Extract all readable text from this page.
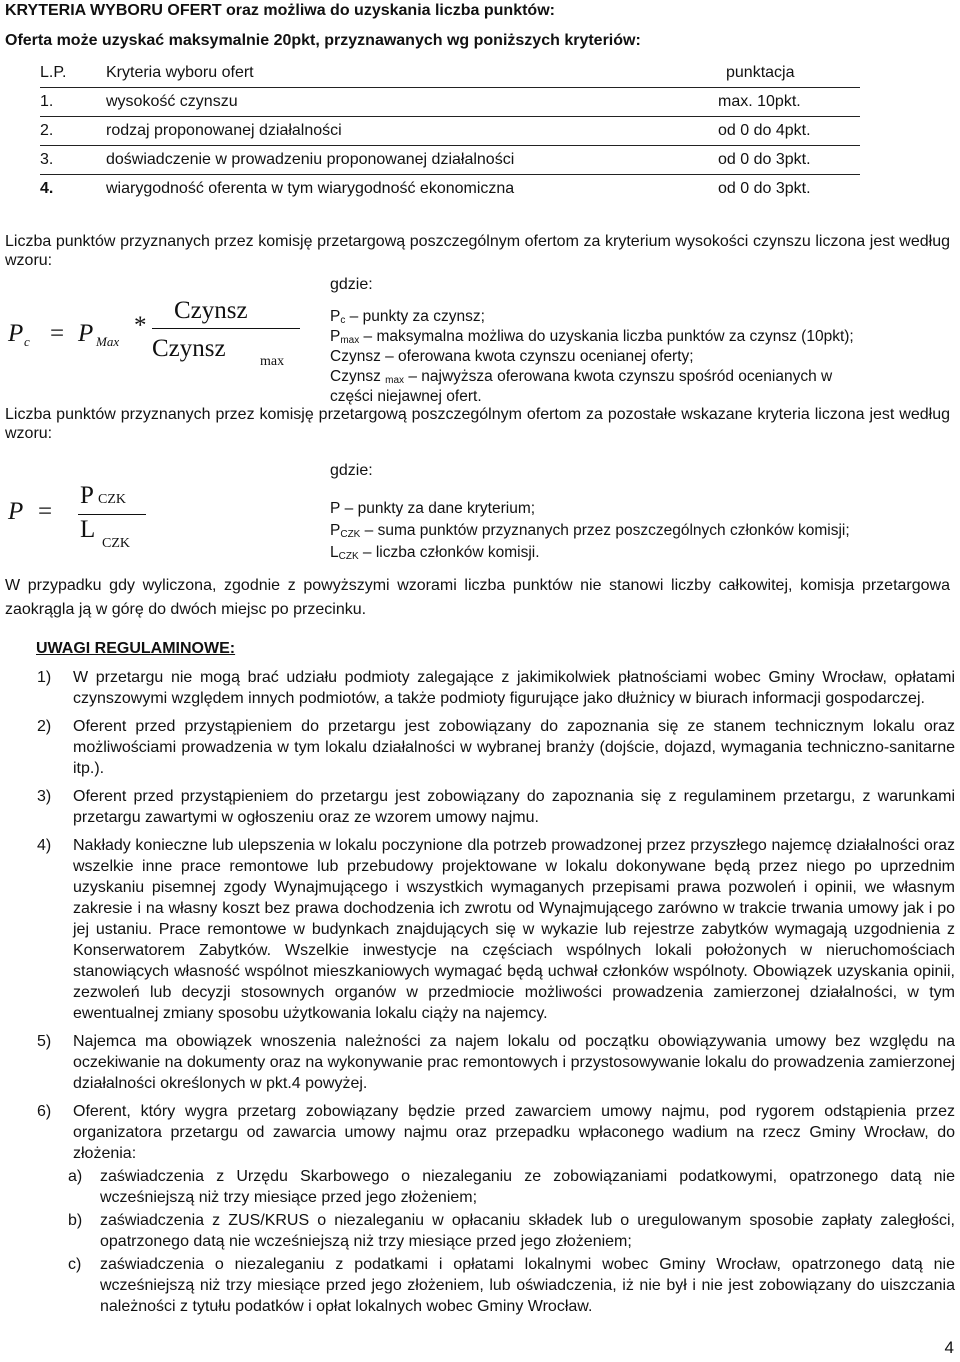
KRYTERIA WYBORU OFERT oraz możliwa do uzyskania liczba punktów:
Oferta może uzyskać maksymalnie 20pkt, przyznawanych wg poniższych kryteriów:
L.P.	Kryteria wyboru ofert	punktacja
1.	wysokość czynszu	max. 10pkt.
2.	rodzaj proponowanej działalności	od 0 do 4pkt.
3.	doświadczenie w prowadzeniu proponowanej działalności	od 0 do 3pkt.
4.	wiarygodność oferenta w tym wiarygodność ekonomiczna	od 0 do 3pkt.
Liczba punktów przyznanych przez komisję przetargową poszczególnym ofertom za kryterium wysokości czynszu liczona jest według wzoru:
gdzie:
P c = P Max
*
Czynsz
Czynsz max
$P_c$ – punkty za czynsz;
$P_{max}$ – maksymalna możliwa do uzyskania liczba punktów za czynsz (10pkt);
Czynsz – oferowana kwota czynszu ocenianej oferty;
Czynsz $_{max}$ – najwyższa oferowana kwota czynszu spośród ocenianych w
części niejawnej ofert.
Liczba punktów przyznanych przez komisję przetargową poszczególnym ofertom za pozostałe wskazane kryteria liczona jest według wzoru:
gdzie:
P =
P CZK
L
CZK
P – punkty za dane kryterium;
$P_{CZK}$ – suma punktów przyznanych przez poszczególnych członków komisji;
$L_{CZK}$ – liczba członków komisji.
W przypadku gdy wyliczona, zgodnie z powyższymi wzorami liczba punktów nie stanowi liczby całkowitej, komisja przetargowa zaokrągla ją w górę do dwóch miejsc po przecinku.
UWAGI REGULAMINOWE:

1) W przetargu nie mogą brać udziału podmioty zalegające z jakimikolwiek płatnościami wobec Gminy Wrocław, opłatami czynszowymi względem innych podmiotów, a także podmioty figurujące jako dłużnicy w biurach informacji gospodarczej.

2) Oferent przed przystąpieniem do przetargu jest zobowiązany do zapoznania się ze stanem technicznym lokalu oraz możliwościami prowadzenia w tym lokalu działalności w wybranej branży (dojście, dojazd, wymagania techniczno-sanitarne itp.).

3) Oferent przed przystąpieniem do przetargu jest zobowiązany do zapoznania się z regulaminem przetargu, z warunkami przetargu zawartymi w ogłoszeniu oraz ze wzorem umowy najmu.

4) Nakłady konieczne lub ulepszenia w lokalu poczynione dla potrzeb prowadzonej przez przyszłego najemcę działalności oraz wszelkie inne prace remontowe lub przebudowy projektowane w lokalu dokonywane będą przez niego po uprzednim uzyskaniu pisemnej zgody Wynajmującego i wszystkich wymaganych przepisami prawa pozwoleń i opinii, we własnym zakresie i na własny koszt bez prawa dochodzenia ich zwrotu od Wynajmującego zarówno w trakcie trwania umowy jak i po jej ustaniu. Prace remontowe w budynkach znajdujących się w wykazie lub rejestrze zabytków wymagają uzgodnienia z Konserwatorem Zabytków. Wszelkie inwestycje na częściach wspólnych lokali położonych w nieruchomościach stanowiących własność wspólnot mieszkaniowych wymagać będą uchwał członków wspólnoty. Obowiązek uzyskania opinii, zezwoleń lub decyzji stosownych organów w przedmiocie możliwości prowadzenia zamierzonej działalności, w tym ewentualnej zmiany sposobu użytkowania lokalu ciąży na najemcy.

5) Najemca ma obowiązek wnoszenia należności za najem lokalu od początku obowiązywania umowy bez względu na oczekiwanie na dokumenty oraz na wykonywanie prac remontowych i przystosowywanie lokalu do prowadzenia zamierzonej działalności określonych w pkt.4 powyżej.

6) Oferent, który wygra przetarg zobowiązany będzie przed zawarciem umowy najmu, pod rygorem odstąpienia przez organizatora przetargu od zawarcia umowy najmu oraz przepadku wpłaconego wadium na rzecz Gminy Wrocław, do złożenia:

a) zaświadczenia z Urzędu Skarbowego o niezaleganiu ze zobowiązaniami podatkowymi, opatrzonego datą nie wcześniejszą niż trzy miesiące przed jego złożeniem;
b) zaświadczenia z ZUS/KRUS o niezaleganiu w opłacaniu składek lub o uregulowanym sposobie zapłaty zaległości, opatrzonego datą nie wcześniejszą niż trzy miesiące przed jego złożeniem;
c) zaświadczenia o niezaleganiu z podatkami i opłatami lokalnymi wobec Gminy Wrocław, opatrzonego datą nie wcześniejszą niż trzy miesiące przed jego złożeniem, lub oświadczenia, iż nie był i nie jest zobowiązany do uiszczania należności z tytułu podatków i opłat lokalnych wobec Gminy Wrocław.
4
